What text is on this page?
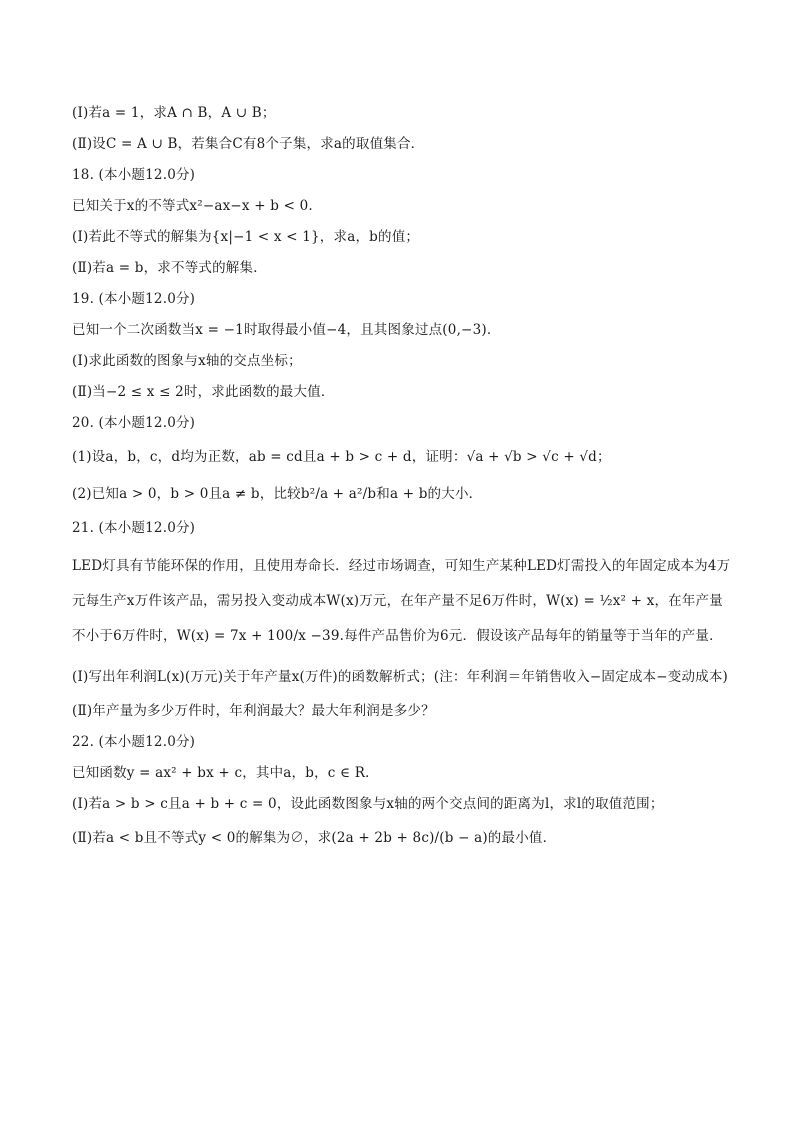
(Ⅰ)若a = 1，求A ∩ B，A ∪ B；
(Ⅱ)设C = A ∪ B，若集合C有8个子集，求a的取值集合．
18. (本小题12.0分)
已知关于x的不等式x²−ax−x + b < 0.
(Ⅰ)若此不等式的解集为{x|−1 < x < 1}，求a，b的值；
(Ⅱ)若a = b，求不等式的解集．
19. (本小题12.0分)
已知一个二次函数当x = −1时取得最小值−4，且其图象过点(0,−3)．
(Ⅰ)求此函数的图象与x轴的交点坐标；
(Ⅱ)当−2 ≤ x ≤ 2时，求此函数的最大值．
20. (本小题12.0分)
(1)设a，b，c，d均为正数，ab = cd且a + b > c + d，证明：√a + √b > √c + √d；
(2)已知a > 0，b > 0且a ≠ b，比较b²/a + a²/b和a + b的大小．
21. (本小题12.0分)
LED灯具有节能环保的作用，且使用寿命长．经过市场调查，可知生产某种LED灯需投入的年固定成本为4万元每生产x万件该产品，需另投入变动成本W(x)万元，在年产量不足6万件时，W(x) = ½x² + x，在年产量不小于6万件时，W(x) = 7x + 100/x −39.每件产品售价为6元．假设该产品每年的销量等于当年的产量．
(Ⅰ)写出年利润L(x)(万元)关于年产量x(万件)的函数解析式；(注：年利润＝年销售收入−固定成本−变动成本)
(Ⅱ)年产量为多少万件时，年利润最大？最大年利润是多少？
22. (本小题12.0分)
已知函数y = ax² + bx + c，其中a，b，c ∈ R．
(Ⅰ)若a > b > c且a + b + c = 0，设此函数图象与x轴的两个交点间的距离为l，求l的取值范围；
(Ⅱ)若a < b且不等式y < 0的解集为∅，求(2a + 2b + 8c)/(b − a)的最小值．
